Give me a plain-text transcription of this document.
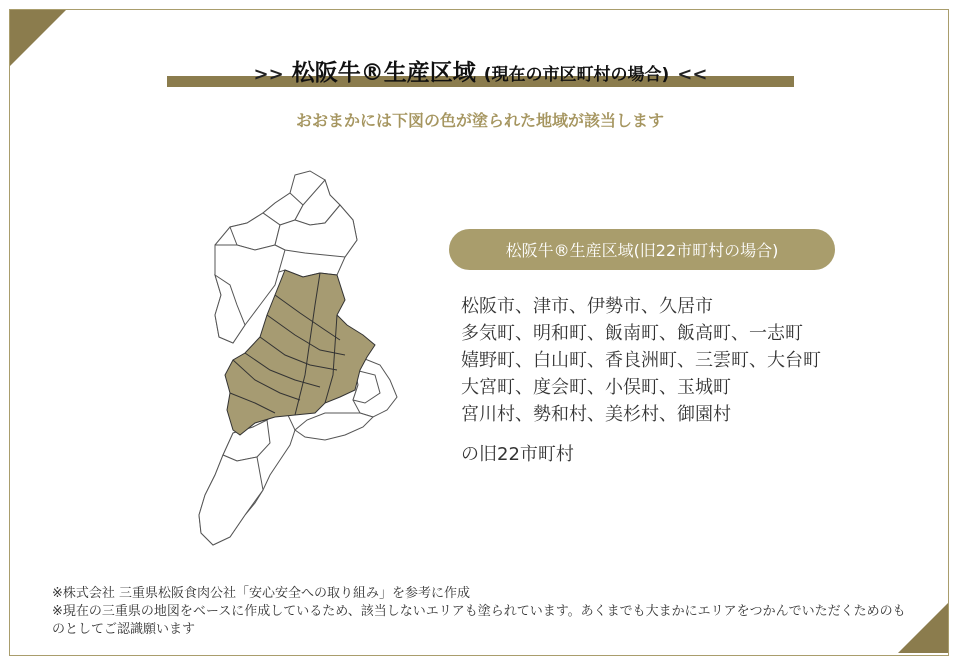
>> 松阪牛®生産区域 (現在の市区町村の場合) <<
おおまかには下図の色が塗られた地域が該当します
松阪牛®生産区域(旧22市町村の場合)
松阪市、津市、伊勢市、久居市
多気町、明和町、飯南町、飯高町、一志町
嬉野町、白山町、香良洲町、三雲町、大台町
大宮町、度会町、小俣町、玉城町
宮川村、勢和村、美杉村、御園村
の旧22市町村
※株式会社 三重県松阪食肉公社「安心安全への取り組み」を参考に作成
※現在の三重県の地図をベースに作成しているため、該当しないエリアも塗られています。あくまでも大まかにエリアをつかんでいただくためのものとしてご認識願います
